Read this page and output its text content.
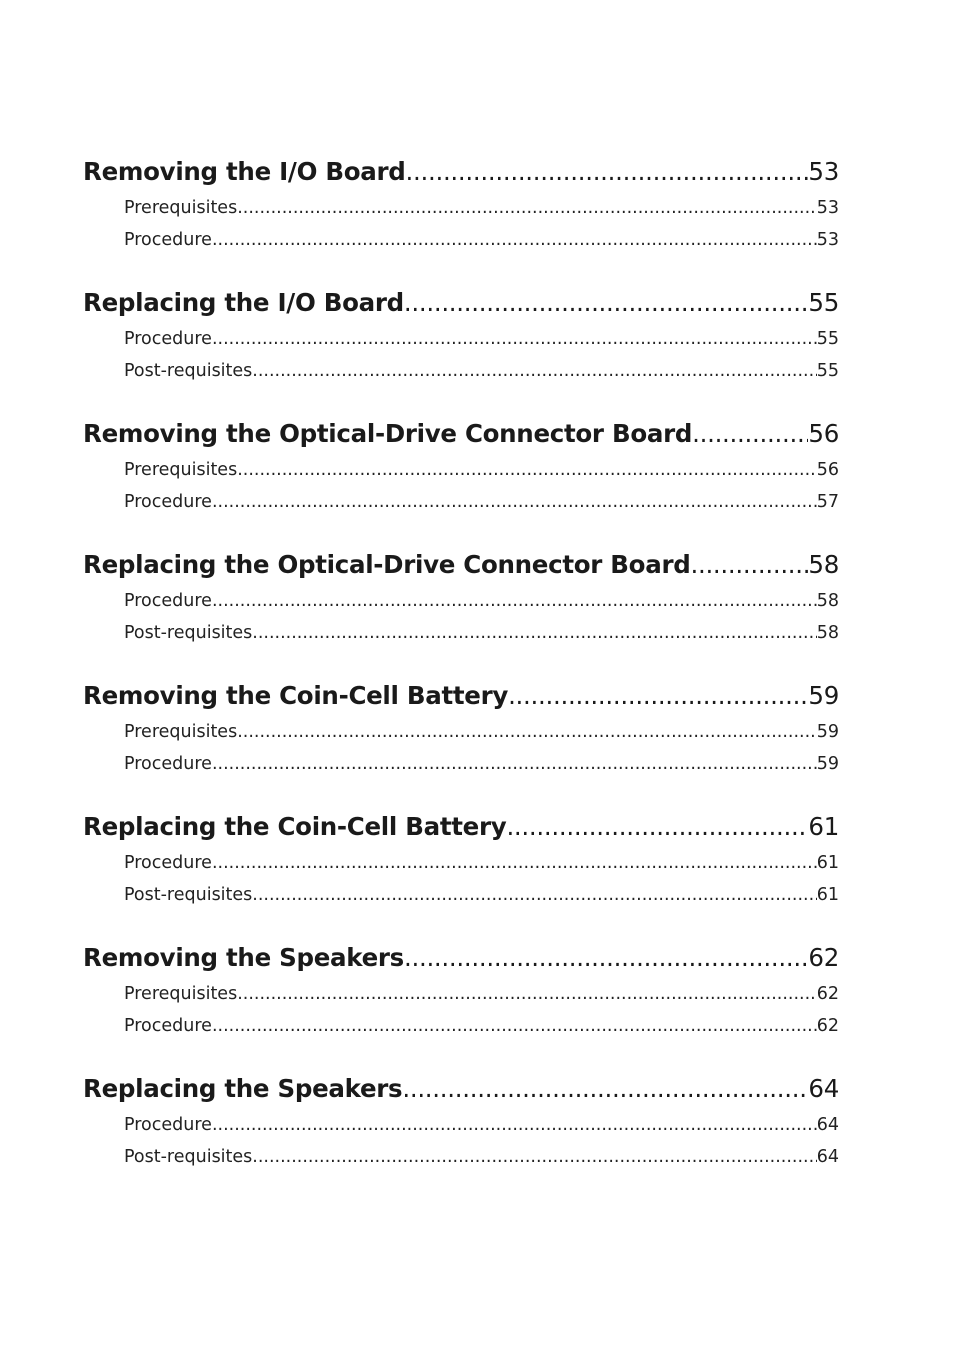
Removing the I/O Board .....	53
Prerequisites .....	53
Procedure .....	53
Replacing the I/O Board .....	55
Procedure .....	55
Post-requisites .....	55
Removing the Optical-Drive Connector Board .....	56
Prerequisites .....	56
Procedure .....	57
Replacing the Optical-Drive Connector Board .....	58
Procedure .....	58
Post-requisites .....	58
Removing the Coin-Cell Battery .....	59
Prerequisites .....	59
Procedure .....	59
Replacing the Coin-Cell Battery .....	61
Procedure .....	61
Post-requisites .....	61
Removing the Speakers .....	62
Prerequisites .....	62
Procedure .....	62
Replacing the Speakers .....	64
Procedure .....	64
Post-requisites .....	64
